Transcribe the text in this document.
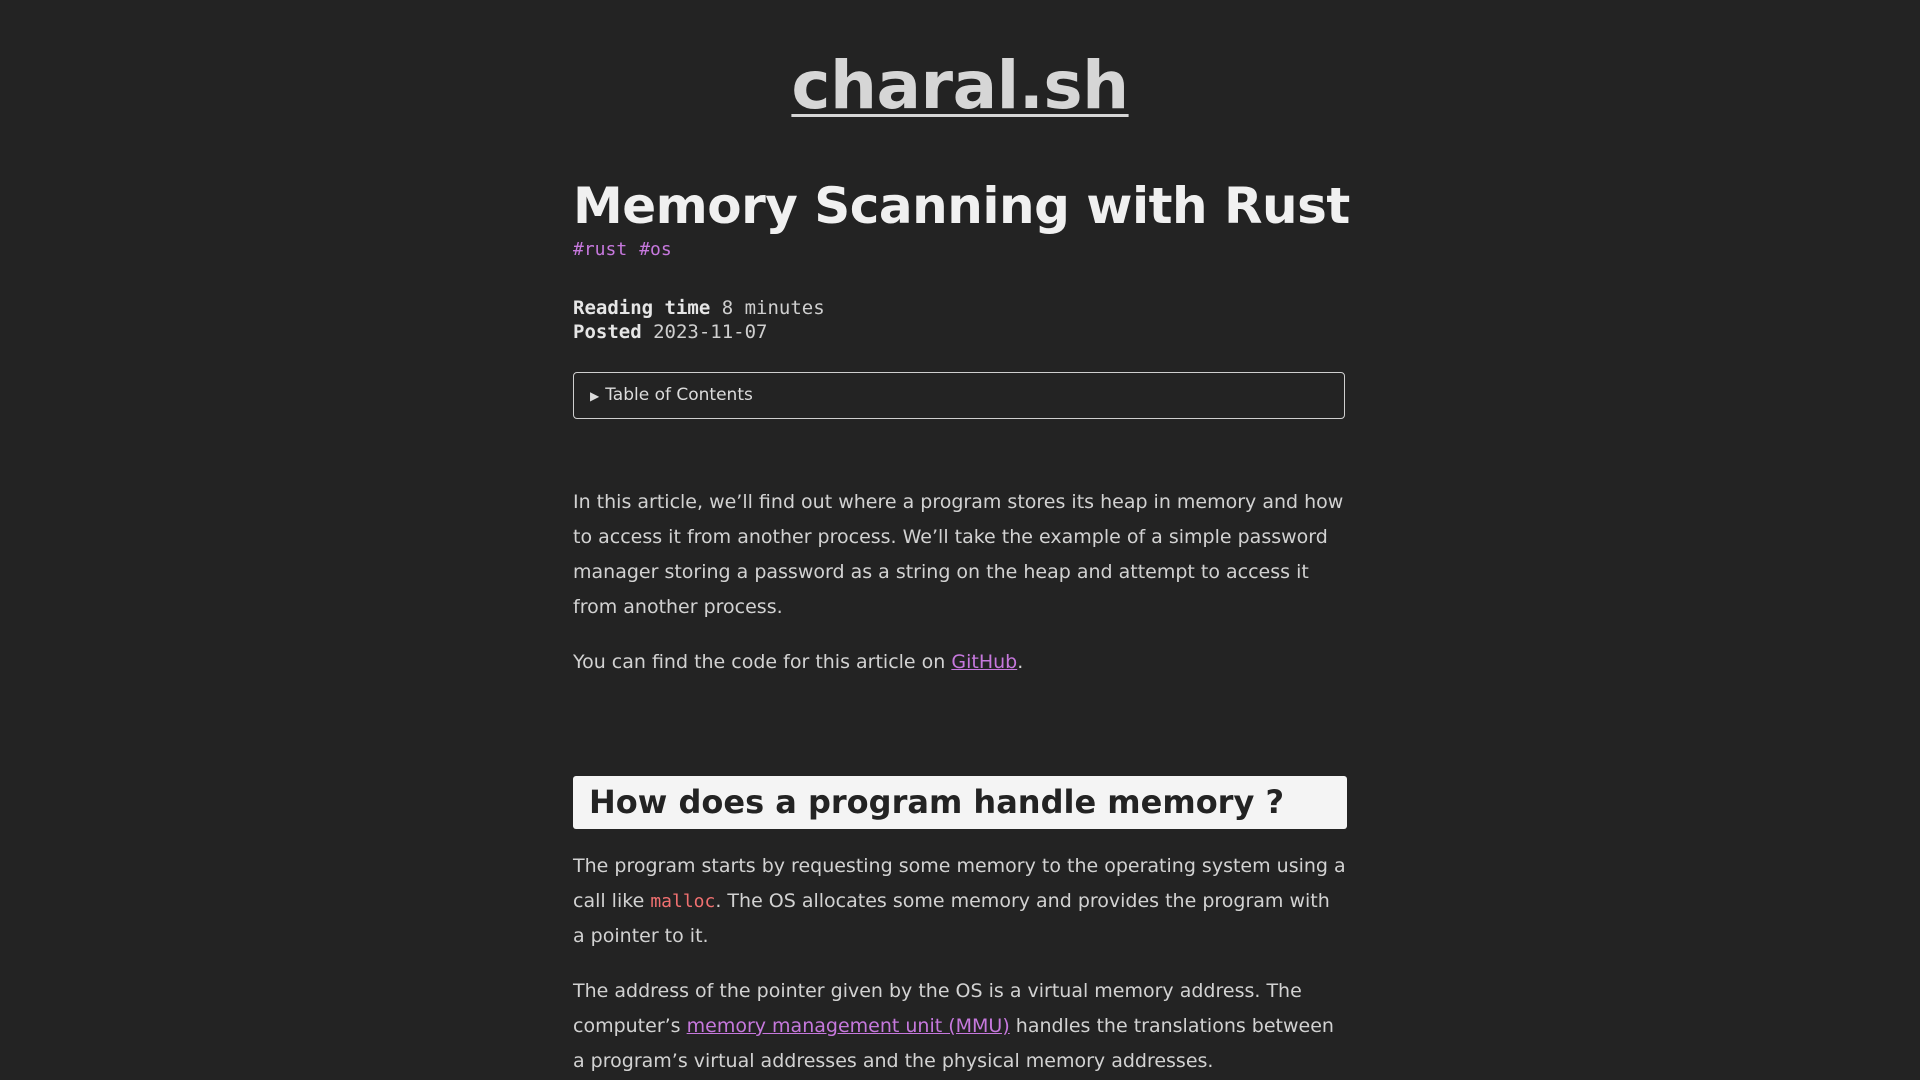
charal.sh
Memory Scanning with Rust
#rust #os
Reading time 8 minutes
Posted 2023-11-07
▶ Table of Contents

In this article, we’ll find out where a program stores its heap in memory and how to access it from another process. We’ll take the example of a simple password manager storing a password as a string on the heap and attempt to access it from another process.

You can find the code for this article on GitHub.

How does a program handle memory ?

The program starts by requesting some memory to the operating system using a call like malloc. The OS allocates some memory and provides the program with a pointer to it.

The address of the pointer given by the OS is a virtual memory address. The computer’s memory management unit (MMU) handles the translations between a program’s virtual addresses and the physical memory addresses.
